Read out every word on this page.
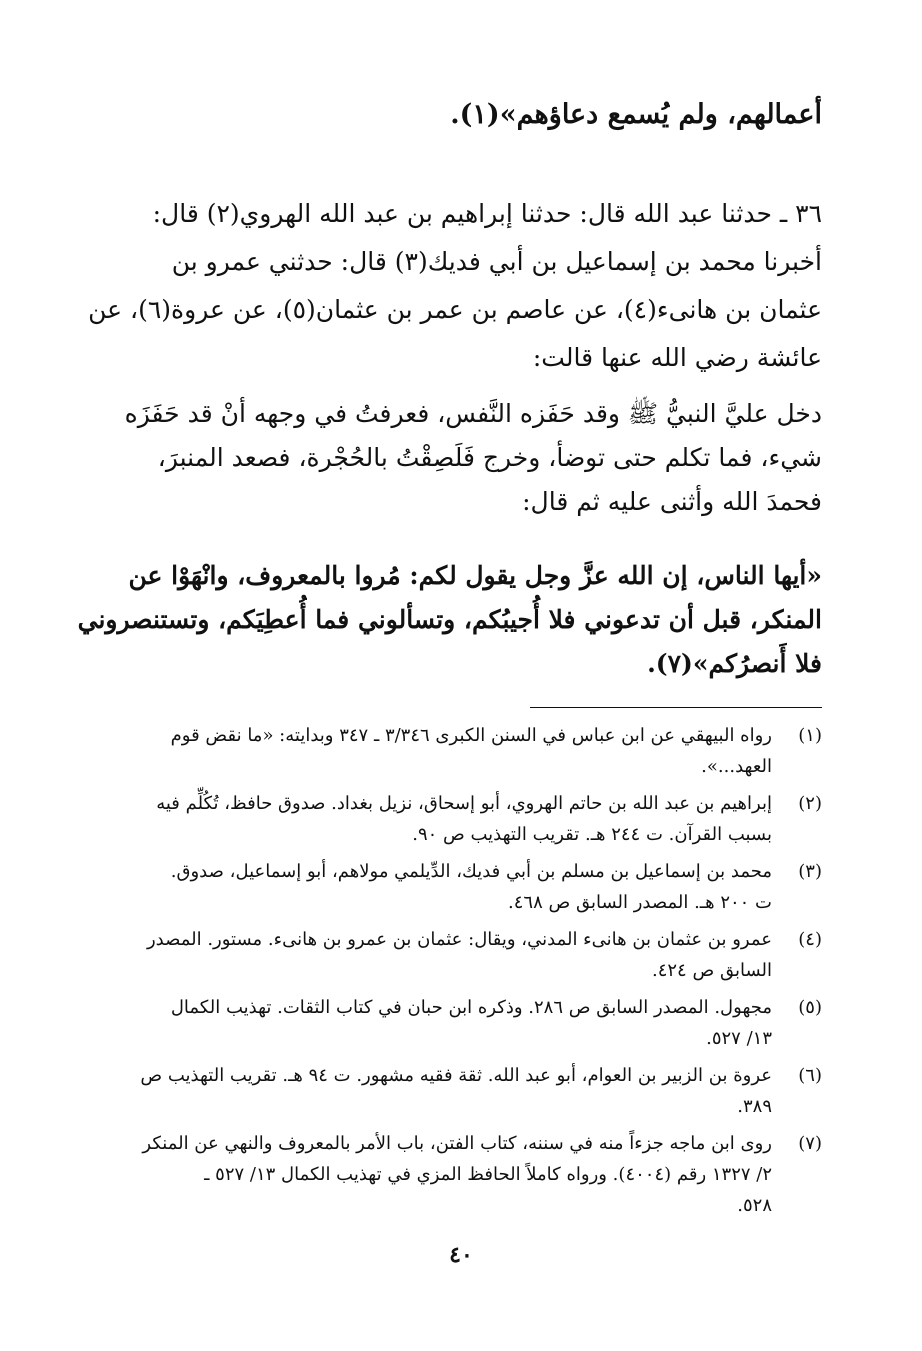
أعمالهم، ولم يُسمع دعاؤهم»(١).
٣٦ ـ حدثنا عبد الله قال: حدثنا إبراهيم بن عبد الله الهروي(٢) قال:
أخبرنا محمد بن إسماعيل بن أبي فديك(٣) قال: حدثني عمرو بن
عثمان بن هانىء(٤)، عن عاصم بن عمر بن عثمان(٥)، عن عروة(٦)، عن
عائشة رضي الله عنها قالت:
دخل عليَّ النبيُّ ﷺ وقد حَفَزه النَّفس، فعرفتُ في وجهه أنْ قد حَفَزَه
شيء، فما تكلم حتى توضأ، وخرج فَلَصِقْتُ بالحُجْرة، فصعد المنبرَ،
فحمدَ الله وأثنى عليه ثم قال:
«أيها الناس، إن الله عزَّ وجل يقول لكم: مُروا بالمعروف، وانْهَوْا عن
المنكر، قبل أن تدعوني فلا أُجيبُكم، وتسألوني فما أُعطِيَكم، وتستنصروني
فلا أَنصرُكم»(٧).
(١)
رواه البيهقي عن ابن عباس في السنن الكبرى ٣/٣٤٦ ـ ٣٤٧ وبدايته: «ما نقض قوم
العهد...».
(٢)
إبراهيم بن عبد الله بن حاتم الهروي، أبو إسحاق، نزيل بغداد. صدوق حافظ، تُكُلِّم فيه
بسبب القرآن. ت ٢٤٤ هـ. تقريب التهذيب ص ٩٠.
(٣)
محمد بن إسماعيل بن مسلم بن أبي فديك، الدِّيلمي مولاهم، أبو إسماعيل، صدوق.
ت ٢٠٠ هـ. المصدر السابق ص ٤٦٨.
(٤)
عمرو بن عثمان بن هانىء المدني، ويقال: عثمان بن عمرو بن هانىء. مستور. المصدر
السابق ص ٤٢٤.
(٥)
مجهول. المصدر السابق ص ٢٨٦. وذكره ابن حبان في كتاب الثقات. تهذيب الكمال
١٣/ ٥٢٧.
(٦)
عروة بن الزبير بن العوام، أبو عبد الله. ثقة فقيه مشهور. ت ٩٤ هـ. تقريب التهذيب ص
٣٨٩.
(٧)
روى ابن ماجه جزءاً منه في سننه، كتاب الفتن، باب الأمر بالمعروف والنهي عن المنكر
٢/ ١٣٢٧ رقم (٤٠٠٤). ورواه كاملاً الحافظ المزي في تهذيب الكمال ١٣/ ٥٢٧ ـ
٥٢٨.
٤٠
